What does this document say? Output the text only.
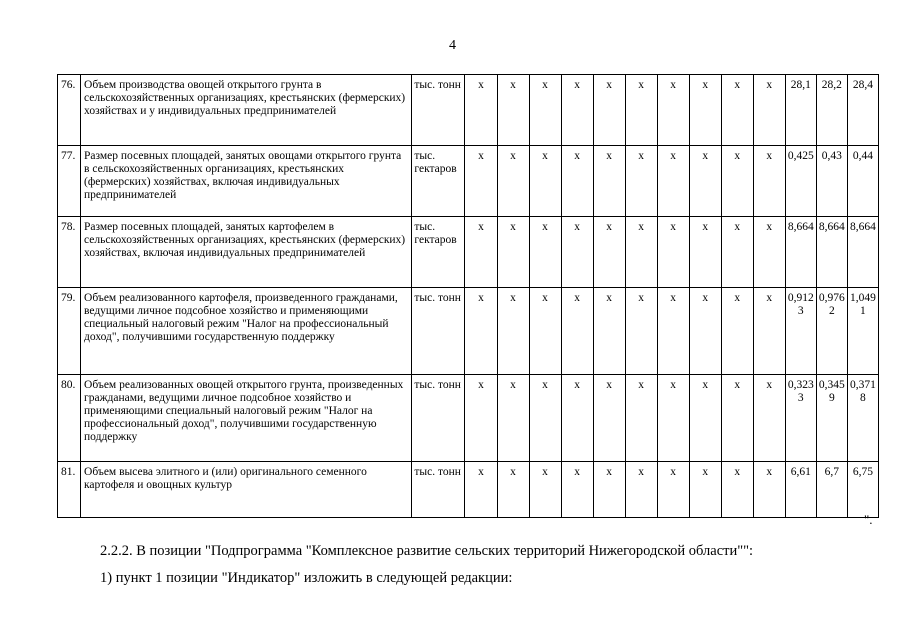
4
76.	Объем производства овощей открытого грунта в сельскохозяйственных организациях, крестьянских (фермерских) хозяйствах и у индивидуальных предпринимателей	тыс. тонн	x	x	x	x	x	x	x	x	x	x	28,1	28,2	28,4
77.	Размер посевных площадей, занятых овощами открытого грунта в сельскохозяйственных организациях, крестьянских (фермерских) хозяйствах, включая индивидуальных предпринимателей	тыс. гектаров	x	x	x	x	x	x	x	x	x	x	0,425	0,43	0,44
78.	Размер посевных площадей, занятых картофелем в сельскохозяйственных организациях, крестьянских (фермерских) хозяйствах, включая индивидуальных предпринимателей	тыс. гектаров	x	x	x	x	x	x	x	x	x	x	8,664	8,664	8,664
79.	Объем реализованного картофеля, произведенного гражданами, ведущими личное подсобное хозяйство и применяющими специальный налоговый режим "Налог на профессиональный доход", получившими государственную поддержку	тыс. тонн	x	x	x	x	x	x	x	x	x	x	0,9123	0,9762	1,0491
80.	Объем реализованных овощей открытого грунта, произведенных гражданами, ведущими личное подсобное хозяйство и применяющими специальный налоговый режим "Налог на профессиональный доход", получившими государственную поддержку	тыс. тонн	x	x	x	x	x	x	x	x	x	x	0,3233	0,3459	0,3718
81.	Объем высева элитного и (или) оригинального семенного картофеля и овощных культур	тыс. тонн	x	x	x	x	x	x	x	x	x	x	6,61	6,7	6,75
".
2.2.2. В позиции "Подпрограмма "Комплексное развитие сельских территорий Нижегородской области"":
1) пункт 1 позиции "Индикатор" изложить в следующей редакции:
